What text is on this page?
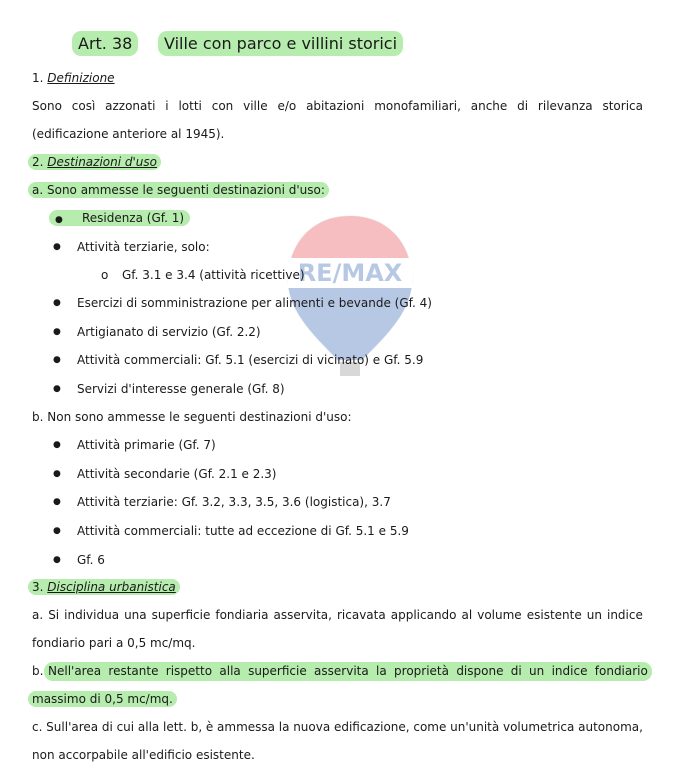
RE/MAX
Art. 38	Ville con parco e villini storici
1. Definizione
Sono così azzonati i lotti con ville e/o abitazioni monofamiliari, anche di rilevanza storica
(edificazione anteriore al 1945).
2. Destinazioni d'uso
a. Sono ammesse le seguenti destinazioni d'uso:
● Residenza (Gf. 1)
● Attività terziarie, solo:
o Gf. 3.1 e 3.4 (attività ricettive)
● Esercizi di somministrazione per alimenti e bevande (Gf. 4)
● Artigianato di servizio (Gf. 2.2)
● Attività commerciali: Gf. 5.1 (esercizi di vicinato) e Gf. 5.9
● Servizi d'interesse generale (Gf. 8)
b. Non sono ammesse le seguenti destinazioni d'uso:
● Attività primarie (Gf. 7)
● Attività secondarie (Gf. 2.1 e 2.3)
● Attività terziarie: Gf. 3.2, 3.3, 3.5, 3.6 (logistica), 3.7
● Attività commerciali: tutte ad eccezione di Gf. 5.1 e 5.9
● Gf. 6
3. Disciplina urbanistica
a. Si individua una superficie fondiaria asservita, ricavata applicando al volume esistente un indice
fondiario pari a 0,5 mc/mq.
b. Nell'area restante rispetto alla superficie asservita la proprietà dispone di un indice fondiario
massimo di 0,5 mc/mq.
c. Sull'area di cui alla lett. b, è ammessa la nuova edificazione, come un'unità volumetrica autonoma,
non accorpabile all'edificio esistente.
